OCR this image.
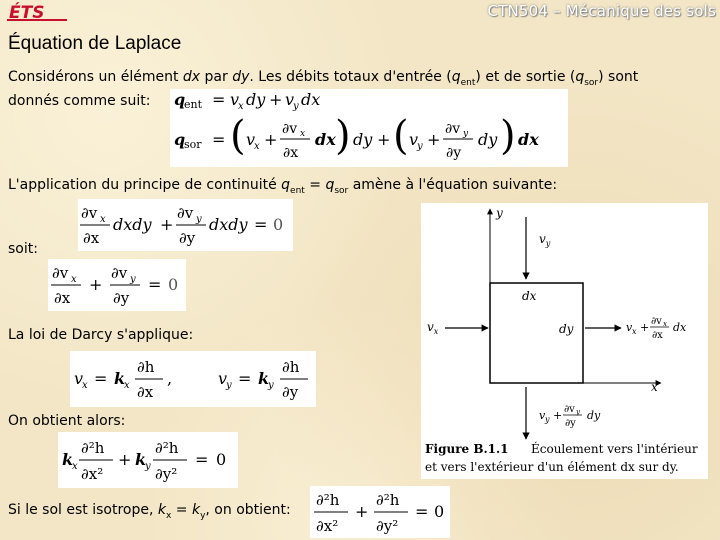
ÉTS	CTN504 – Mécanique des sols
Équation de Laplace
Considérons un élément dx par dy. Les débits totaux d'entrée $(q_{ent})$ et de sortie $(q_{sor})$ sont
donnés comme suit:	q
ent = v
x dy + v
y dx
q
sor = ( v
x +
∂v x
∂x
dx ) dy + ( v
y +
∂v y
∂y
dy ) dx
L'application du principe de continuité $q_{ent} = q_{sor}$ amène à l'équation suivante:
∂v x
∂x
dxdy +
∂v y
∂y
dxdy = 0
soit:
∂v x
∂x
+
∂v y
∂y
= 0
La loi de Darcy s'applique:
v
x = k
x
∂h
∂x
,	v
y = k
y
∂h
∂y
On obtient alors:
k
x
∂²h
∂x²
+ k
y
∂²h
∂y²
= 0
Si le sol est isotrope, $k_x = k_y$, on obtient:
∂²h
∂x²
+
∂²h
∂y²
= 0
y
x
dx
dy
$v_y$
v y + ∂v y
∂y
dy
$v_x$	v x + ∂v x
∂x
dx
Figure B.1.1 Écoulement vers l'intérieur
et vers l'extérieur d'un élément dx sur dy.
